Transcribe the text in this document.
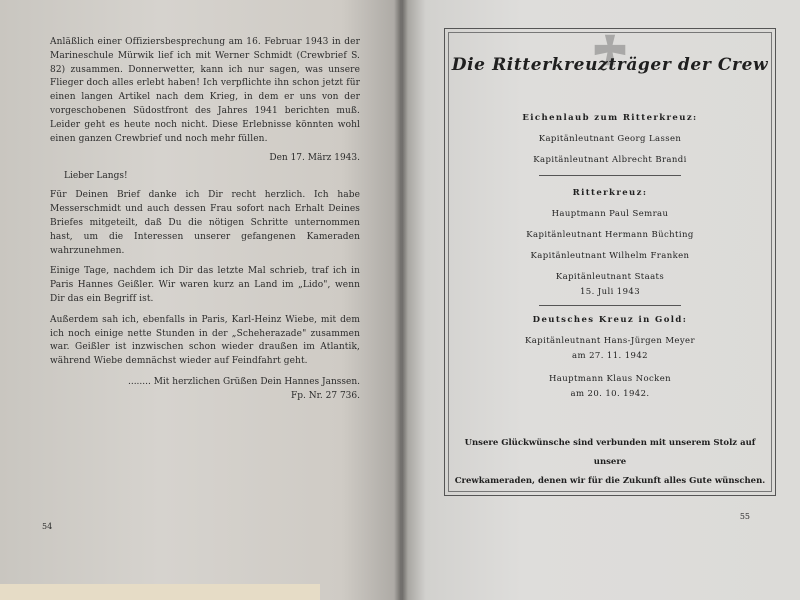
Anläßlich einer Offiziersbesprechung am 16. Februar 1943 in der Marineschule Mürwik lief ich mit Werner Schmidt (Crewbrief S. 82) zusammen. Donnerwetter, kann ich nur sagen, was unsere Flieger doch alles erlebt haben! Ich verpflichte ihn schon jetzt für einen langen Artikel nach dem Krieg, in dem er uns von der vorgeschobenen Südostfront des Jahres 1941 berichten muß. Leider geht es heute noch nicht. Diese Erlebnisse könnten wohl einen ganzen Crewbrief und noch mehr füllen.

Den 17. März 1943.

Lieber Langs!

Für Deinen Brief danke ich Dir recht herzlich. Ich habe Messerschmidt und auch dessen Frau sofort nach Erhalt Deines Briefes mitgeteilt, daß Du die nötigen Schritte unternommen hast, um die Interessen unserer gefangenen Kameraden wahrzunehmen.

Einige Tage, nachdem ich Dir das letzte Mal schrieb, traf ich in Paris Hannes Geißler. Wir waren kurz an Land im „Lido", wenn Dir das ein Begriff ist.

Außerdem sah ich, ebenfalls in Paris, Karl-Heinz Wiebe, mit dem ich noch einige nette Stunden in der „Scheherazade" zusammen war. Geißler ist inzwischen schon wieder draußen im Atlantik, während Wiebe demnächst wieder auf Feindfahrt geht.

........ Mit herzlichen Grüßen Dein Hannes Janssen.

Fp. Nr. 27 736.

54
Die Ritterkreuzträger der Crew

Eichenlaub zum Ritterkreuz:

Kapitänleutnant Georg Lassen

Kapitänleutnant Albrecht Brandi

Ritterkreuz:

Hauptmann Paul Semrau

Kapitänleutnant Hermann Büchting

Kapitänleutnant Wilhelm Franken

Kapitänleutnant Staats

15. Juli 1943

Deutsches Kreuz in Gold:

Kapitänleutnant Hans-Jürgen Meyer

am 27. 11. 1942

Hauptmann Klaus Nocken

am 20. 10. 1942.

Unsere Glückwünsche sind verbunden mit unserem Stolz auf unsere
Crewkameraden, denen wir für die Zukunft alles Gute wünschen.
55
